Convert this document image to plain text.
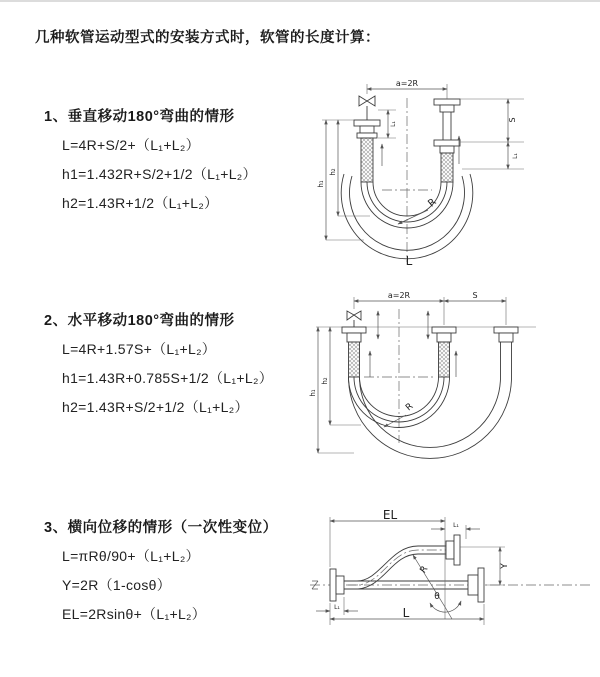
几种软管运动型式的安装方式时，软管的长度计算：
1、垂直移动180°弯曲的情形
L=4R+S/2+（L₁+L₂）
h1=1.432R+S/2+1/2（L₁+L₂）
h2=1.43R+1/2（L₁+L₂）
2、水平移动180°弯曲的情形
L=4R+1.57S+（L₁+L₂）
h1=1.43R+0.785S+1/2（L₁+L₂）
h2=1.43R+S/2+1/2（L₁+L₂）
3、横向位移的情形（一次性变位）
L=πRθ/90+（L₁+L₂）
Y=2R（1-cosθ）
EL=2Rsinθ+（L₁+L₂）
a=2R
S
L₁
h₁
h₂
L₁
R
L
a=2R	S
h₁
h₂
R
EL
L₁
Y
R
θ
L
L₁
